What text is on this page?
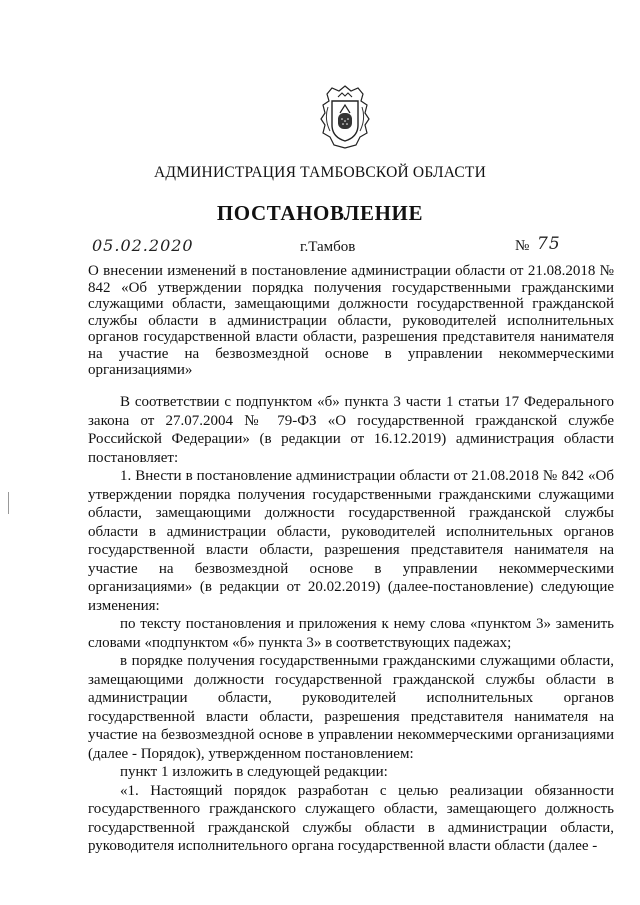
АДМИНИСТРАЦИЯ ТАМБОВСКОЙ ОБЛАСТИ
ПОСТАНОВЛЕНИЕ
05.02.2020	г.Тамбов	№ 75
О внесении изменений в постановление администрации области от 21.08.2018 № 842 «Об утверждении порядка получения государственными гражданскими служащими области, замещающими должности государственной гражданской службы области в администрации области, руководителей исполнительных органов государственной власти области, разрешения представителя нанимателя на участие на безвозмездной основе в управлении некоммерческими организациями»

В соответствии с подпунктом «б» пункта 3 части 1 статьи 17 Федерального закона от 27.07.2004 № 79-ФЗ «О государственной гражданской службе Российской Федерации» (в редакции от 16.12.2019) администрация области постановляет:

1. Внести в постановление администрации области от 21.08.2018 № 842 «Об утверждении порядка получения государственными гражданскими служащими области, замещающими должности государственной гражданской службы области в администрации области, руководителей исполнительных органов государственной власти области, разрешения представителя нанимателя на участие на безвозмездной основе в управлении некоммерческими организациями» (в редакции от 20.02.2019) (далее-постановление) следующие изменения:

по тексту постановления и приложения к нему слова «пунктом 3» заменить словами «подпунктом «б» пункта 3» в соответствующих падежах;

в порядке получения государственными гражданскими служащими области, замещающими должности государственной гражданской службы области в администрации области, руководителей исполнительных органов государственной власти области, разрешения представителя нанимателя на участие на безвозмездной основе в управлении некоммерческими организациями (далее - Порядок), утвержденном постановлением:

пункт 1 изложить в следующей редакции:

«1. Настоящий порядок разработан с целью реализации обязанности государственного гражданского служащего области, замещающего должность государственной гражданской службы области в администрации области, руководителя исполнительного органа государственной власти области (далее -
